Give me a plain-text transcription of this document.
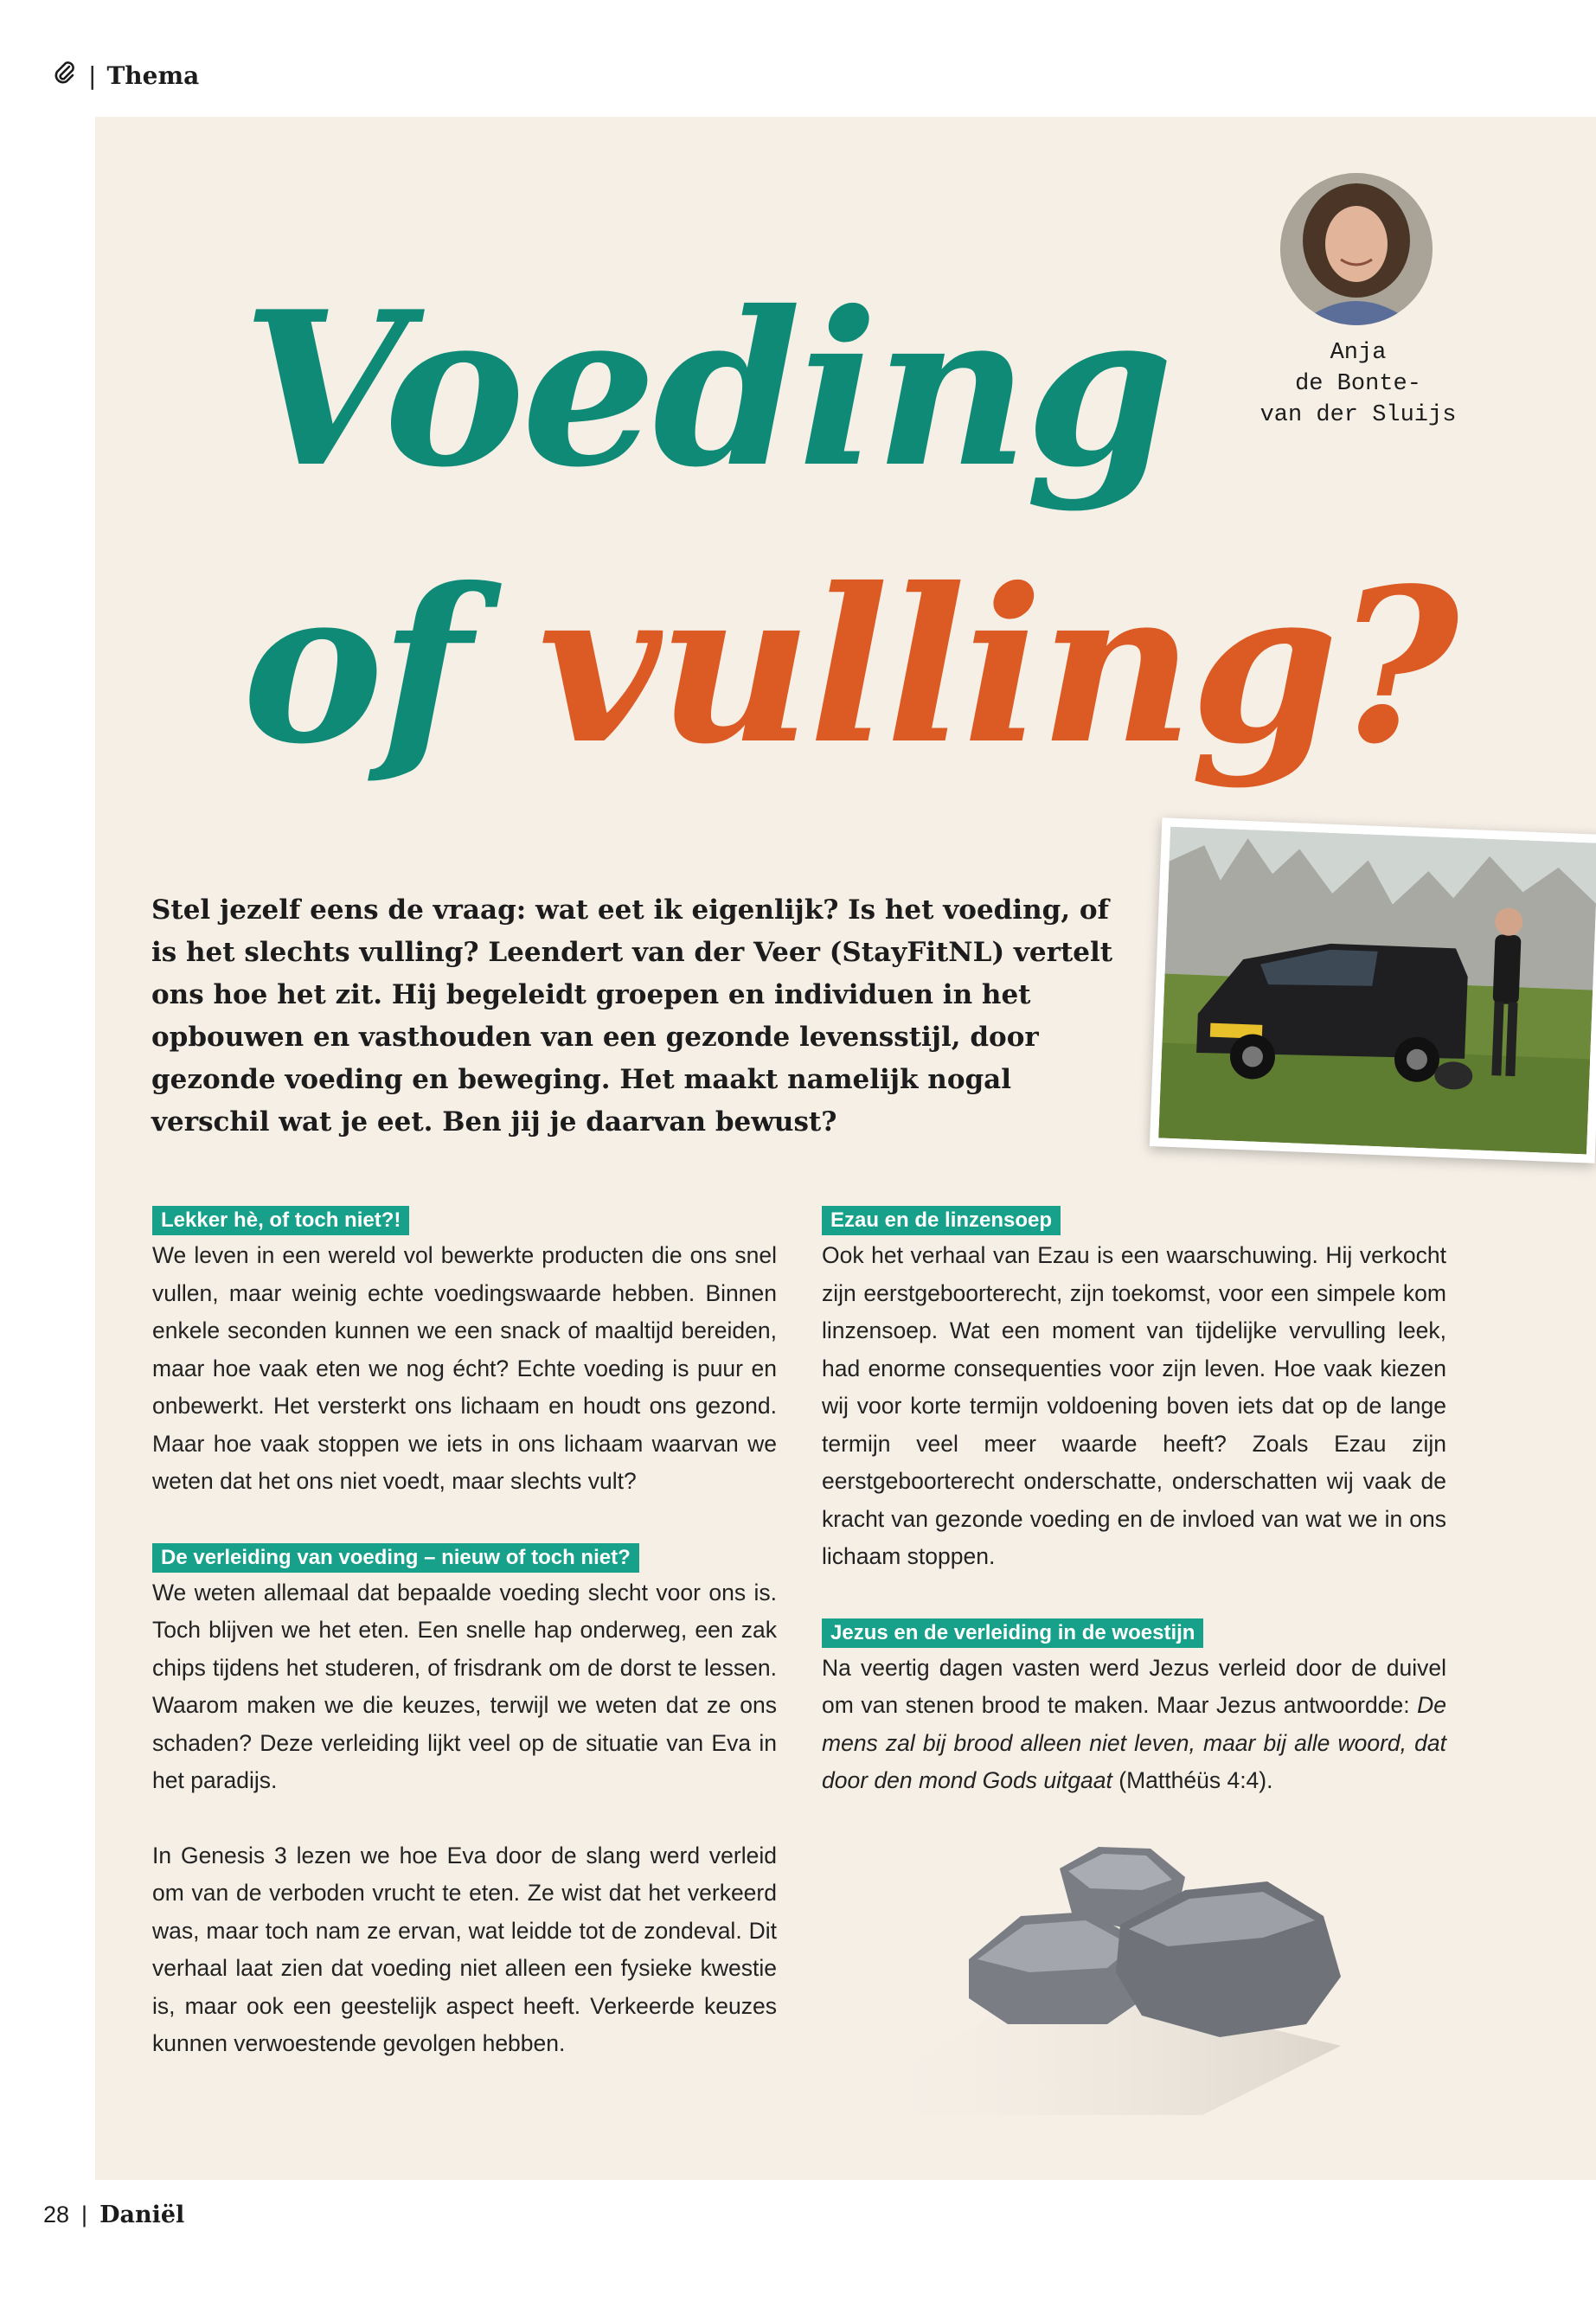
| Thema
Voeding
of vulling?
Anja
de Bonte-
van der Sluijs
Stel jezelf eens de vraag: wat eet ik eigenlijk? Is het voeding, of is het slechts vulling? Leendert van der Veer (StayFitNL) vertelt ons hoe het zit. Hij begeleidt groepen en individuen in het opbouwen en vasthouden van een gezonde levensstijl, door gezonde voeding en beweging. Het maakt namelijk nogal verschil wat je eet. Ben jij je daarvan bewust?
Lekker hè, of toch niet?!

We leven in een wereld vol bewerkte producten die ons snel vullen, maar weinig echte voedingswaarde hebben. Binnen enkele seconden kunnen we een snack of maaltijd bereiden, maar hoe vaak eten we nog écht? Echte voeding is puur en onbewerkt. Het versterkt ons lichaam en houdt ons gezond. Maar hoe vaak stoppen we iets in ons lichaam waarvan we weten dat het ons niet voedt, maar slechts vult?

De verleiding van voeding – nieuw of toch niet?

We weten allemaal dat bepaalde voeding slecht voor ons is. Toch blijven we het eten. Een snelle hap onderweg, een zak chips tijdens het studeren, of frisdrank om de dorst te lessen. Waarom maken we die keuzes, terwijl we weten dat ze ons schaden? Deze verleiding lijkt veel op de situatie van Eva in het paradijs.

In Genesis 3 lezen we hoe Eva door de slang werd verleid om van de verboden vrucht te eten. Ze wist dat het verkeerd was, maar toch nam ze ervan, wat leidde tot de zondeval. Dit verhaal laat zien dat voeding niet alleen een fysieke kwestie is, maar ook een geestelijk aspect heeft. Verkeerde keuzes kunnen verwoestende gevolgen hebben.

Ezau en de linzensoep

Ook het verhaal van Ezau is een waarschuwing. Hij verkocht zijn eerstgeboorterecht, zijn toekomst, voor een simpele kom linzensoep. Wat een moment van tijdelijke vervulling leek, had enorme consequenties voor zijn leven. Hoe vaak kiezen wij voor korte termijn voldoening boven iets dat op de lange termijn veel meer waarde heeft? Zoals Ezau zijn eerstgeboorterecht onderschatte, onderschatten wij vaak de kracht van gezonde voeding en de invloed van wat we in ons lichaam stoppen.

Jezus en de verleiding in de woestijn

Na veertig dagen vasten werd Jezus verleid door de duivel om van stenen brood te maken. Maar Jezus antwoordde: De mens zal bij brood alleen niet leven, maar bij alle woord, dat door den mond Gods uitgaat (Matthéüs 4:4).

28 | Daniël
